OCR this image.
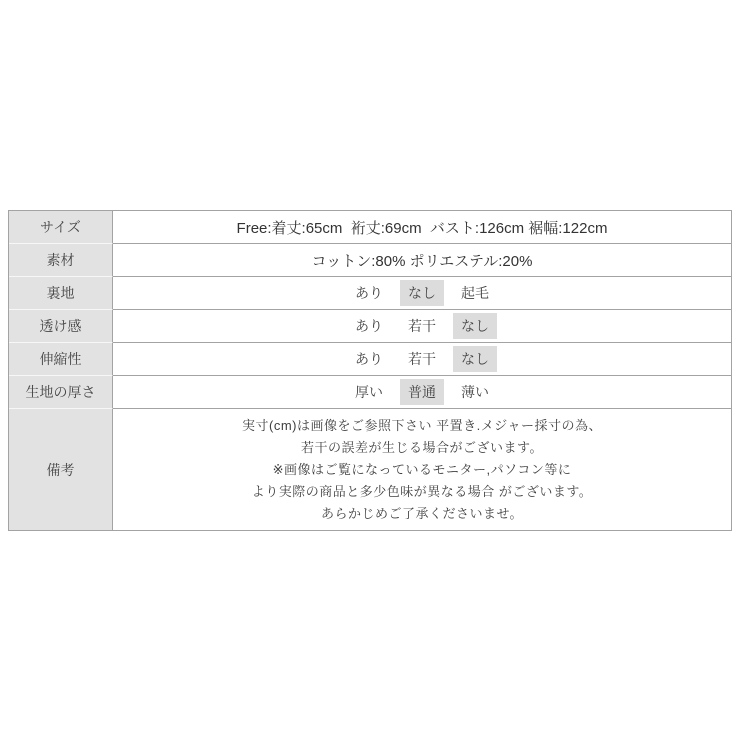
サイズ	Free:着丈:65cm  裄丈:69cm  バスト:126cm 裾幅:122cm
素材	コットン:80% ポリエステル:20%
裏地	あり なし 起毛

透け感	あり 若干 なし

伸縮性	あり 若干 なし

生地の厚さ	厚い 普通 薄い

備考	実寸(cm)は画像をご参照下さい 平置き.メジャー採寸の為、
若干の誤差が生じる場合がございます。
※画像はご覧になっているモニター,パソコン等に
より実際の商品と多少色味が異なる場合 がございます。
あらかじめご了承くださいませ。
